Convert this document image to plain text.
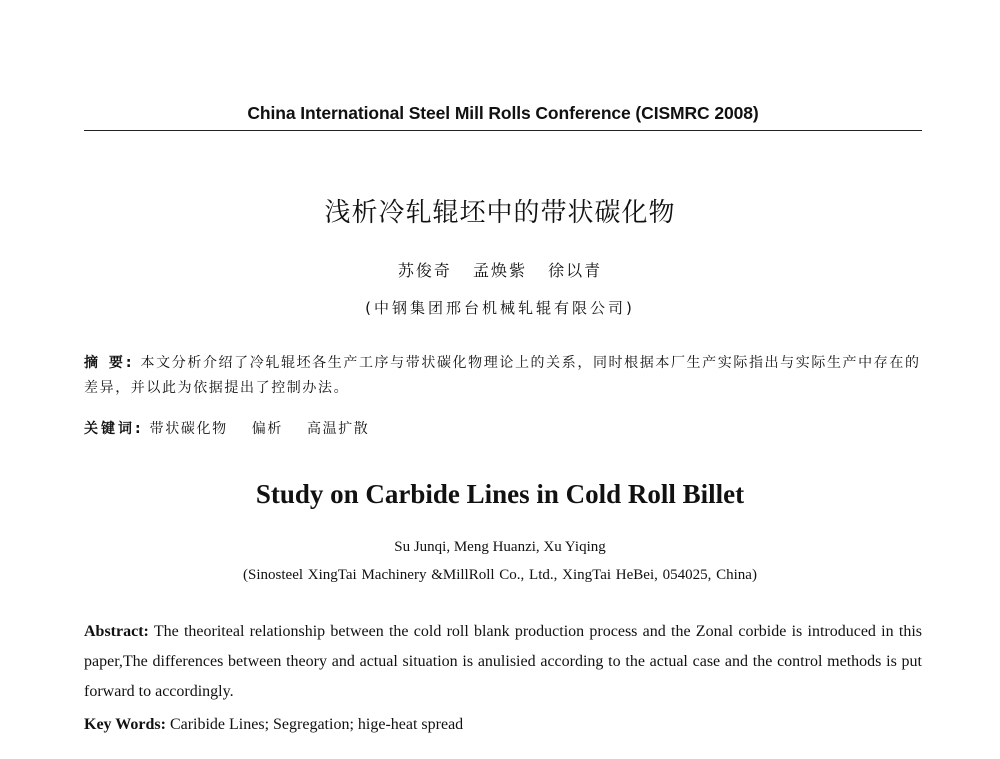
China International Steel Mill Rolls Conference (CISMRC 2008)
浅析冷轧辊坯中的带状碳化物
苏俊奇 孟焕紫 徐以青
(中钢集团邢台机械轧辊有限公司)
摘 要: 本文分析介绍了冷轧辊坯各生产工序与带状碳化物理论上的关系，同时根据本厂生产实际指出与实际生产中存在的差异，并以此为依据提出了控制办法。
关键词: 带状碳化物 偏析 高温扩散
Study on Carbide Lines in Cold Roll Billet
Su Junqi, Meng Huanzi, Xu Yiqing
(Sinosteel XingTai Machinery &MillRoll Co., Ltd., XingTai HeBei, 054025, China)
Abstract: The theoriteal relationship between the cold roll blank production process and the Zonal corbide is introduced in this paper,The differences between theory and actual situation is anulisied according to the actual case and the control methods is put forward to accordingly.
Key Words: Caribide Lines; Segregation; hige-heat spread
